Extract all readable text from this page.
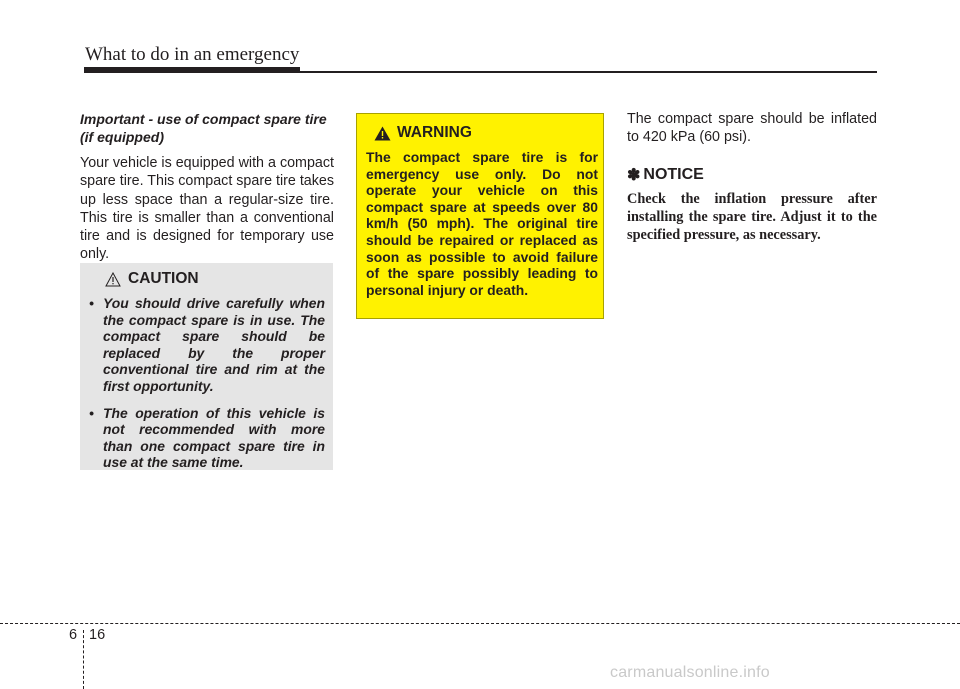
What to do in an emergency

Important - use of compact spare tire (if equipped)

Your vehicle is equipped with a compact spare tire. This compact spare tire takes up less space than a regular-size tire. This tire is smaller than a conventional tire and is designed for temporary use only.

CAUTION
• You should drive carefully when the compact spare is in use. The compact spare should be replaced by the proper conventional tire and rim at the first opportunity.
• The operation of this vehicle is not recommended with more than one compact spare tire in use at the same time.
WARNING

The compact spare tire is for emergency use only. Do not operate your vehicle on this compact spare at speeds over 80 km/h (50 mph). The original tire should be repaired or replaced as soon as possible to avoid failure of the spare possibly leading to personal injury or death.

The compact spare should be inflated to 420 kPa (60 psi).

✽ NOTICE

Check the inflation pressure after installing the spare tire. Adjust it to the specified pressure, as necessary.

6 16
carmanualsonline.info
